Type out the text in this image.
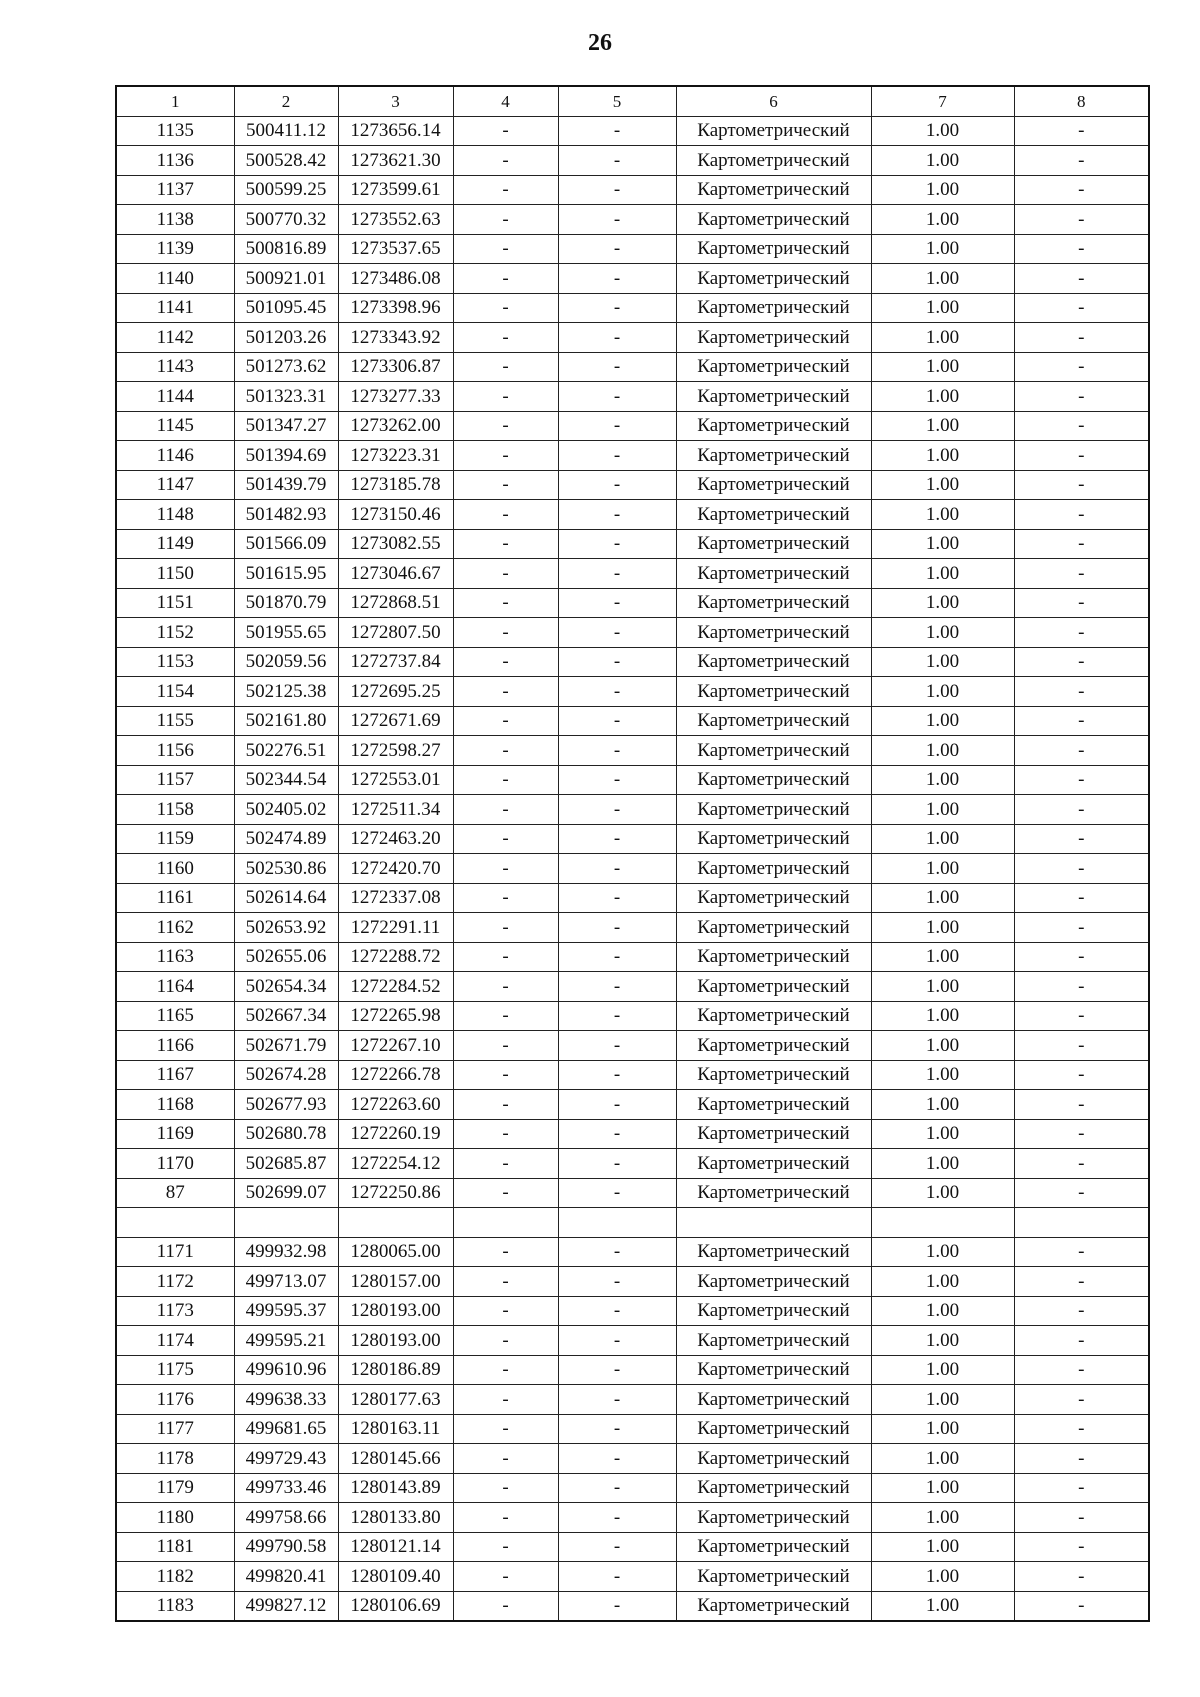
26
1	2	3	4	5	6	7	8
1135	500411.12	1273656.14	-	-	Картометрический	1.00	-
1136	500528.42	1273621.30	-	-	Картометрический	1.00	-
1137	500599.25	1273599.61	-	-	Картометрический	1.00	-
1138	500770.32	1273552.63	-	-	Картометрический	1.00	-
1139	500816.89	1273537.65	-	-	Картометрический	1.00	-
1140	500921.01	1273486.08	-	-	Картометрический	1.00	-
1141	501095.45	1273398.96	-	-	Картометрический	1.00	-
1142	501203.26	1273343.92	-	-	Картометрический	1.00	-
1143	501273.62	1273306.87	-	-	Картометрический	1.00	-
1144	501323.31	1273277.33	-	-	Картометрический	1.00	-
1145	501347.27	1273262.00	-	-	Картометрический	1.00	-
1146	501394.69	1273223.31	-	-	Картометрический	1.00	-
1147	501439.79	1273185.78	-	-	Картометрический	1.00	-
1148	501482.93	1273150.46	-	-	Картометрический	1.00	-
1149	501566.09	1273082.55	-	-	Картометрический	1.00	-
1150	501615.95	1273046.67	-	-	Картометрический	1.00	-
1151	501870.79	1272868.51	-	-	Картометрический	1.00	-
1152	501955.65	1272807.50	-	-	Картометрический	1.00	-
1153	502059.56	1272737.84	-	-	Картометрический	1.00	-
1154	502125.38	1272695.25	-	-	Картометрический	1.00	-
1155	502161.80	1272671.69	-	-	Картометрический	1.00	-
1156	502276.51	1272598.27	-	-	Картометрический	1.00	-
1157	502344.54	1272553.01	-	-	Картометрический	1.00	-
1158	502405.02	1272511.34	-	-	Картометрический	1.00	-
1159	502474.89	1272463.20	-	-	Картометрический	1.00	-
1160	502530.86	1272420.70	-	-	Картометрический	1.00	-
1161	502614.64	1272337.08	-	-	Картометрический	1.00	-
1162	502653.92	1272291.11	-	-	Картометрический	1.00	-
1163	502655.06	1272288.72	-	-	Картометрический	1.00	-
1164	502654.34	1272284.52	-	-	Картометрический	1.00	-
1165	502667.34	1272265.98	-	-	Картометрический	1.00	-
1166	502671.79	1272267.10	-	-	Картометрический	1.00	-
1167	502674.28	1272266.78	-	-	Картометрический	1.00	-
1168	502677.93	1272263.60	-	-	Картометрический	1.00	-
1169	502680.78	1272260.19	-	-	Картометрический	1.00	-
1170	502685.87	1272254.12	-	-	Картометрический	1.00	-
87	502699.07	1272250.86	-	-	Картометрический	1.00	-

1171	499932.98	1280065.00	-	-	Картометрический	1.00	-
1172	499713.07	1280157.00	-	-	Картометрический	1.00	-
1173	499595.37	1280193.00	-	-	Картометрический	1.00	-
1174	499595.21	1280193.00	-	-	Картометрический	1.00	-
1175	499610.96	1280186.89	-	-	Картометрический	1.00	-
1176	499638.33	1280177.63	-	-	Картометрический	1.00	-
1177	499681.65	1280163.11	-	-	Картометрический	1.00	-
1178	499729.43	1280145.66	-	-	Картометрический	1.00	-
1179	499733.46	1280143.89	-	-	Картометрический	1.00	-
1180	499758.66	1280133.80	-	-	Картометрический	1.00	-
1181	499790.58	1280121.14	-	-	Картометрический	1.00	-
1182	499820.41	1280109.40	-	-	Картометрический	1.00	-
1183	499827.12	1280106.69	-	-	Картометрический	1.00	-
